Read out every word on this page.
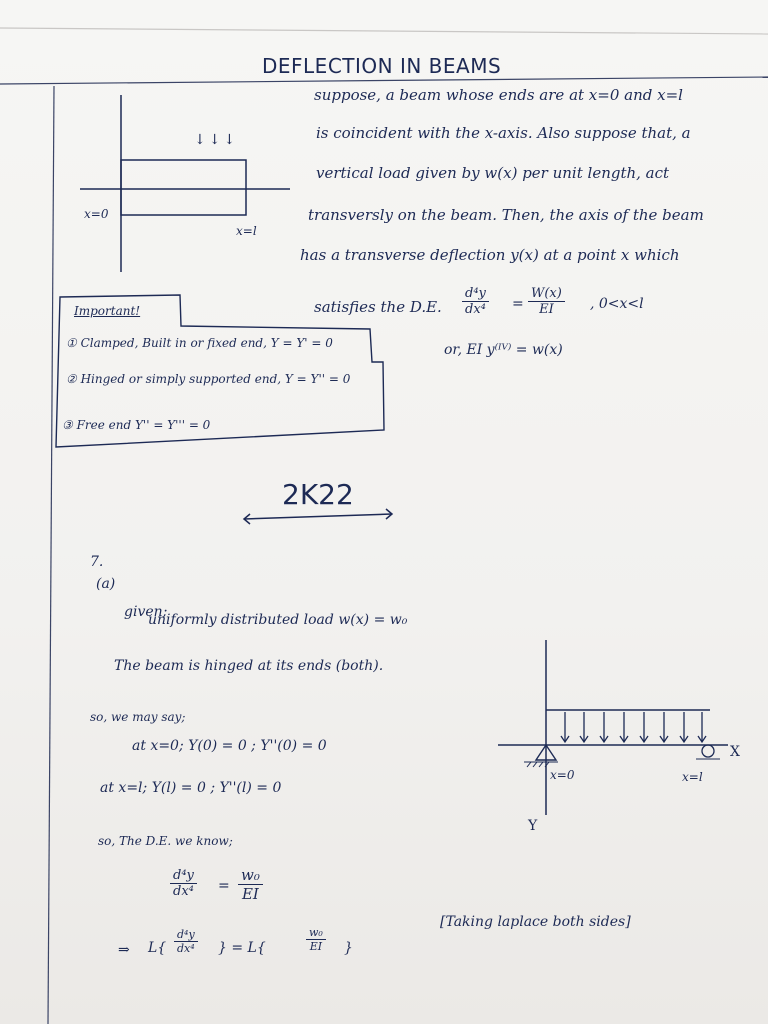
DEFLECTION IN BEAMS
suppose, a beam whose ends are at x=0 and x=l
is coincident with the x-axis. Also suppose that, a
vertical load given by w(x) per unit length, act
transversly on the beam. Then, the axis of the beam
has a transverse deflection y(x) at a point x which
satisfies the D.E. $\frac{\text{d⁴y}}{\text{dx⁴}} = \frac{W(x)}{EI}$ , 0<x<l
or, EI y⁽ᴵⱽ⁾ = w(x)
↓↓↓
x=0
x=l
Important!
① Clamped, Built in or fixed end, Y = Y' = 0
② Hinged or simply supported end, Y = Y'' = 0
③ Free end Y'' = Y''' = 0
2K22
7.
(a)
given;
uniformly distributed load w(x) = w₀
The beam is hinged at its ends (both).
so, we may say;
at x=0; Y(0) = 0 ; Y''(0) = 0
at x=l; Y(l) = 0 ; Y''(l) = 0
so, The D.E. we know;
X
Y
x=0	x=l
$\frac{\text{d⁴y}}{\text{dx⁴}} = \frac{\text{w₀}}{EI}$
⇒ $L\{ \frac{\text{d⁴y}}{\text{dx⁴}}$ } = L{	$\frac{\text{w₀}}{EI}$ }
[Taking laplace both sides]
